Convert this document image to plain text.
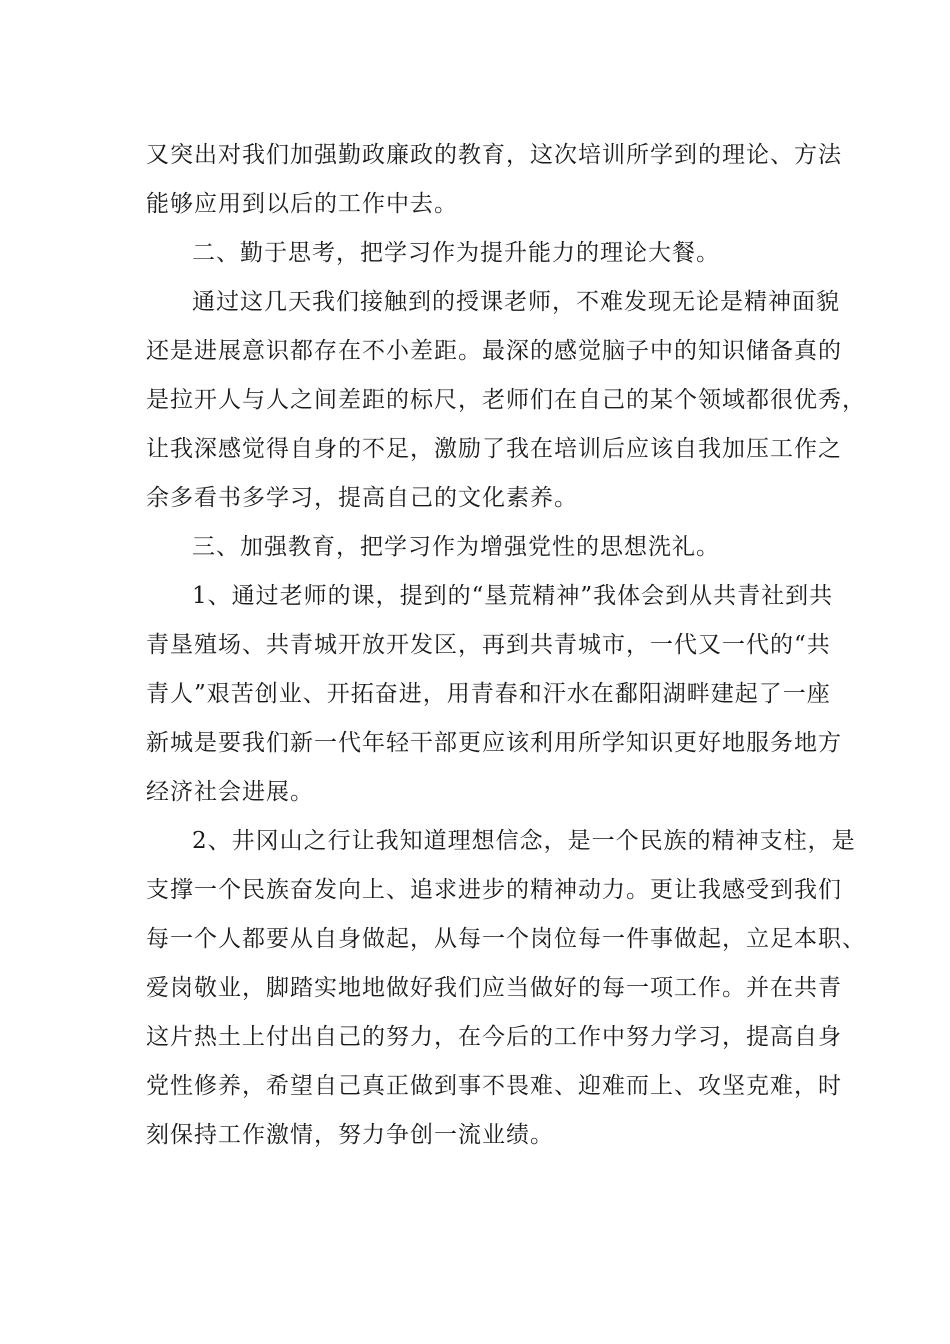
又突出对我们加强勤政廉政的教育，这次培训所学到的理论、方法
能够应用到以后的工作中去。
二、勤于思考，把学习作为提升能力的理论大餐。
通过这几天我们接触到的授课老师，不难发现无论是精神面貌
还是进展意识都存在不小差距。最深的感觉脑子中的知识储备真的
是拉开人与人之间差距的标尺，老师们在自己的某个领域都很优秀，
让我深感觉得自身的不足，激励了我在培训后应该自我加压工作之
余多看书多学习，提高自己的文化素养。
三、加强教育，把学习作为增强党性的思想洗礼。
1、通过老师的课，提到的“垦荒精神”我体会到从共青社到共
青垦殖场、共青城开放开发区，再到共青城市，一代又一代的“共
青人”艰苦创业、开拓奋进，用青春和汗水在鄱阳湖畔建起了一座
新城是要我们新一代年轻干部更应该利用所学知识更好地服务地方
经济社会进展。
2、井冈山之行让我知道理想信念，是一个民族的精神支柱，是
支撑一个民族奋发向上、追求进步的精神动力。更让我感受到我们
每一个人都要从自身做起，从每一个岗位每一件事做起，立足本职、
爱岗敬业，脚踏实地地做好我们应当做好的每一项工作。并在共青
这片热土上付出自己的努力，在今后的工作中努力学习，提高自身
党性修养，希望自己真正做到事不畏难、迎难而上、攻坚克难，时
刻保持工作激情，努力争创一流业绩。
